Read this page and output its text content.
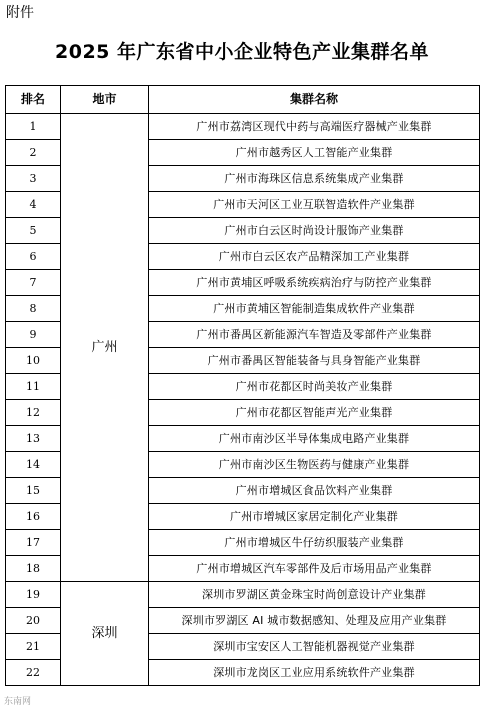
附件
2025 年广东省中小企业特色产业集群名单
排名	地市	集群名称
1	广州	广州市荔湾区现代中药与高端医疗器械产业集群
2		广州市越秀区人工智能产业集群
3		广州市海珠区信息系统集成产业集群
4		广州市天河区工业互联智造软件产业集群
5		广州市白云区时尚设计服饰产业集群
6		广州市白云区农产品精深加工产业集群
7		广州市黄埔区呼吸系统疾病治疗与防控产业集群
8		广州市黄埔区智能制造集成软件产业集群
9		广州市番禺区新能源汽车智造及零部件产业集群
10		广州市番禺区智能装备与具身智能产业集群
11		广州市花都区时尚美妆产业集群
12		广州市花都区智能声光产业集群
13		广州市南沙区半导体集成电路产业集群
14		广州市南沙区生物医药与健康产业集群
15		广州市增城区食品饮料产业集群
16		广州市增城区家居定制化产业集群
17		广州市增城区牛仔纺织服装产业集群
18		广州市增城区汽车零部件及后市场用品产业集群
19	深圳	深圳市罗湖区黄金珠宝时尚创意设计产业集群
20		深圳市罗湖区 AI 城市数据感知、处理及应用产业集群
21		深圳市宝安区人工智能机器视觉产业集群
22		深圳市龙岗区工业应用系统软件产业集群
东南网
